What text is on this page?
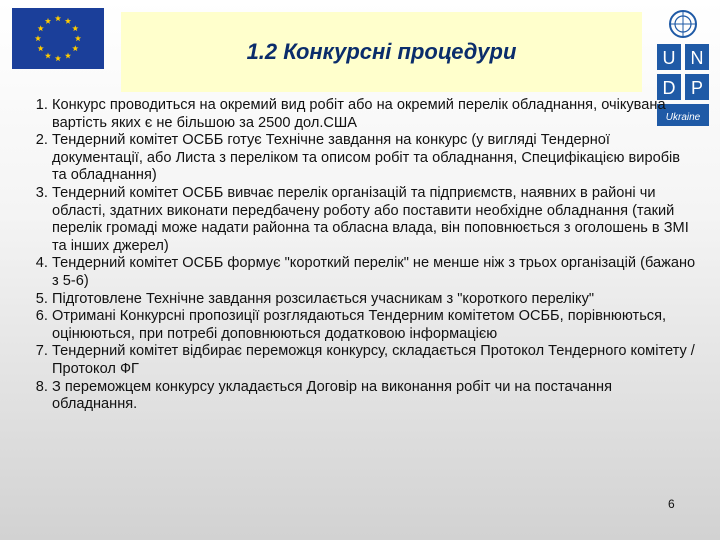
1.2 Конкурсні процедури	U N
D P
Ukraine
1. Конкурс проводиться на окремий вид робіт або на окремий перелік обладнання, очікувана вартість яких є не більшою за 2500 дол.США
2. Тендерний комітет ОСББ готує Технічне завдання на конкурс (у вигляді Тендерної документації, або Листа з переліком та описом робіт та обладнання, Специфікацією виробів та обладнання)
3. Тендерний комітет ОСББ вивчає перелік організацій та підприємств, наявних в районі чи області, здатних виконати передбачену роботу або поставити необхідне обладнання (такий перелік громаді може надати районна та обласна влада, він поповнюється з оголошень в ЗМІ та інших джерел)
4. Тендерний комітет ОСББ формує "короткий перелік" не менше ніж з трьох організацій (бажано з 5-6)
5. Підготовлене Технічне завдання розсилається учасникам з "короткого переліку"
6. Отримані Конкурсні пропозиції розглядаються Тендерним комітетом ОСББ, порівнюються, оцінюються, при потребі доповнюються додатковою інформацією
7. Тендерний комітет відбирає переможця конкурсу, складається Протокол Тендерного комітету / Протокол ФГ
8. З переможцем конкурсу укладається Договір на виконання робіт чи на постачання обладнання.
6
